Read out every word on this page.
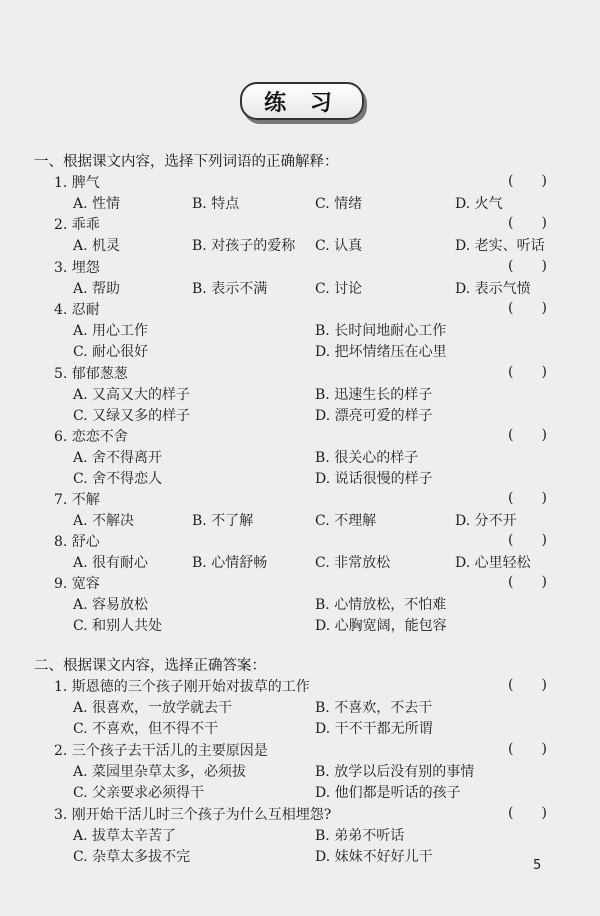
练 习
一、根据课文内容，选择下列词语的正确解释：
1. 脾气	(　　)
A. 性情	B. 特点	C. 情绪	D. 火气
2. 乖乖	(　　)
A. 机灵	B. 对孩子的爱称 C. 认真	D. 老实、听话
3. 埋怨	(　　)
A. 帮助	B. 表示不满	C. 讨论	D. 表示气愤
4. 忍耐	(　　)
A. 用心工作	B. 长时间地耐心工作
C. 耐心很好	D. 把坏情绪压在心里
5. 郁郁葱葱	(　　)
A. 又高又大的样子	B. 迅速生长的样子
C. 又绿又多的样子	D. 漂亮可爱的样子
6. 恋恋不舍	(　　)
A. 舍不得离开	B. 很关心的样子
C. 舍不得恋人	D. 说话很慢的样子
7. 不解	(　　)
A. 不解决	B. 不了解	C. 不理解	D. 分不开
8. 舒心	(　　)
A. 很有耐心	B. 心情舒畅	C. 非常放松	D. 心里轻松
9. 宽容	(　　)
A. 容易放松	B. 心情放松，不怕难
C. 和别人共处	D. 心胸宽阔，能包容
二、根据课文内容，选择正确答案：
1. 斯恩德的三个孩子刚开始对拔草的工作	(　　)
A. 很喜欢，一放学就去干	B. 不喜欢，不去干
C. 不喜欢，但不得不干	D. 干不干都无所谓
2. 三个孩子去干活儿的主要原因是	(　　)
A. 菜园里杂草太多，必须拔	B. 放学以后没有别的事情
C. 父亲要求必须得干	D. 他们都是听话的孩子
3. 刚开始干活儿时三个孩子为什么互相埋怨?	(　　)
A. 拔草太辛苦了	B. 弟弟不听话
C. 杂草太多拔不完	D. 妹妹不好好儿干
5
